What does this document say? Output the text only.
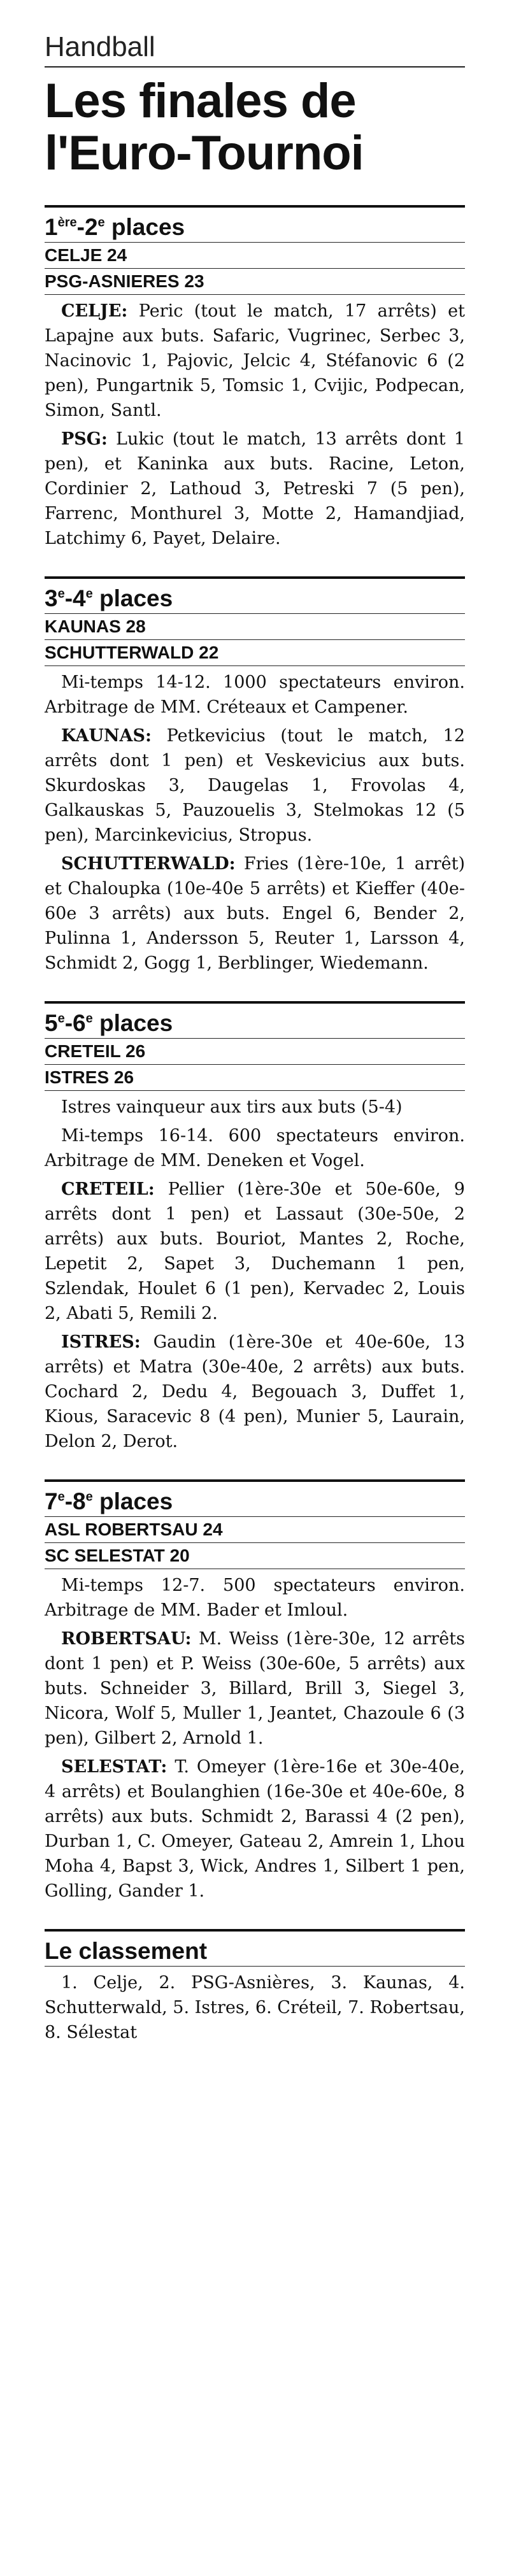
Handball
Les finales de l'Euro-Tournoi
1ère-2e places
CELJE 24
PSG-ASNIERES 23

CELJE: Peric (tout le match, 17 arrêts) et Lapajne aux buts. Safaric, Vugrinec, Serbec 3, Nacinovic 1, Pajovic, Jelcic 4, Stéfanovic 6 (2 pen), Pungartnik 5, Tomsic 1, Cvijic, Podpecan, Simon, Santl.

PSG: Lukic (tout le match, 13 arrêts dont 1 pen), et Kaninka aux buts. Racine, Leton, Cordinier 2, Lathoud 3, Petreski 7 (5 pen), Farrenc, Monthurel 3, Motte 2, Hamandjiad, Latchimy 6, Payet, Delaire.

3e-4e places
KAUNAS 28
SCHUTTERWALD 22

Mi-temps 14-12. 1000 spectateurs environ. Arbitrage de MM. Créteaux et Campener.

KAUNAS: Petkevicius (tout le match, 12 arrêts dont 1 pen) et Veskevicius aux buts. Skurdoskas 3, Daugelas 1, Frovolas 4, Galkauskas 5, Pauzouelis 3, Stelmokas 12 (5 pen), Marcinkevicius, Stropus.

SCHUTTERWALD: Fries (1ère-10e, 1 arrêt) et Chaloupka (10e-40e 5 arrêts) et Kieffer (40e-60e 3 arrêts) aux buts. Engel 6, Bender 2, Pulinna 1, Andersson 5, Reuter 1, Larsson 4, Schmidt 2, Gogg 1, Berblinger, Wiedemann.

5e-6e places
CRETEIL 26
ISTRES 26

Istres vainqueur aux tirs aux buts (5-4)

Mi-temps 16-14. 600 spectateurs environ. Arbitrage de MM. Deneken et Vogel.

CRETEIL: Pellier (1ère-30e et 50e-60e, 9 arrêts dont 1 pen) et Lassaut (30e-50e, 2 arrêts) aux buts. Bouriot, Mantes 2, Roche, Lepetit 2, Sapet 3, Duchemann 1 pen, Szlendak, Houlet 6 (1 pen), Kervadec 2, Louis 2, Abati 5, Remili 2.

ISTRES: Gaudin (1ère-30e et 40e-60e, 13 arrêts) et Matra (30e-40e, 2 arrêts) aux buts. Cochard 2, Dedu 4, Begouach 3, Duffet 1, Kious, Saracevic 8 (4 pen), Munier 5, Laurain, Delon 2, Derot.

7e-8e places
ASL ROBERTSAU 24
SC SELESTAT 20

Mi-temps 12-7. 500 spectateurs environ. Arbitrage de MM. Bader et Imloul.

ROBERTSAU: M. Weiss (1ère-30e, 12 arrêts dont 1 pen) et P. Weiss (30e-60e, 5 arrêts) aux buts. Schneider 3, Billard, Brill 3, Siegel 3, Nicora, Wolf 5, Muller 1, Jeantet, Chazoule 6 (3 pen), Gilbert 2, Arnold 1.

SELESTAT: T. Omeyer (1ère-16e et 30e-40e, 4 arrêts) et Boulanghien (16e-30e et 40e-60e, 8 arrêts) aux buts. Schmidt 2, Barassi 4 (2 pen), Durban 1, C. Omeyer, Gateau 2, Amrein 1, Lhou Moha 4, Bapst 3, Wick, Andres 1, Silbert 1 pen, Golling, Gander 1.

Le classement

1. Celje, 2. PSG-Asnières, 3. Kaunas, 4. Schutterwald, 5. Istres, 6. Créteil, 7. Robertsau, 8. Sélestat
